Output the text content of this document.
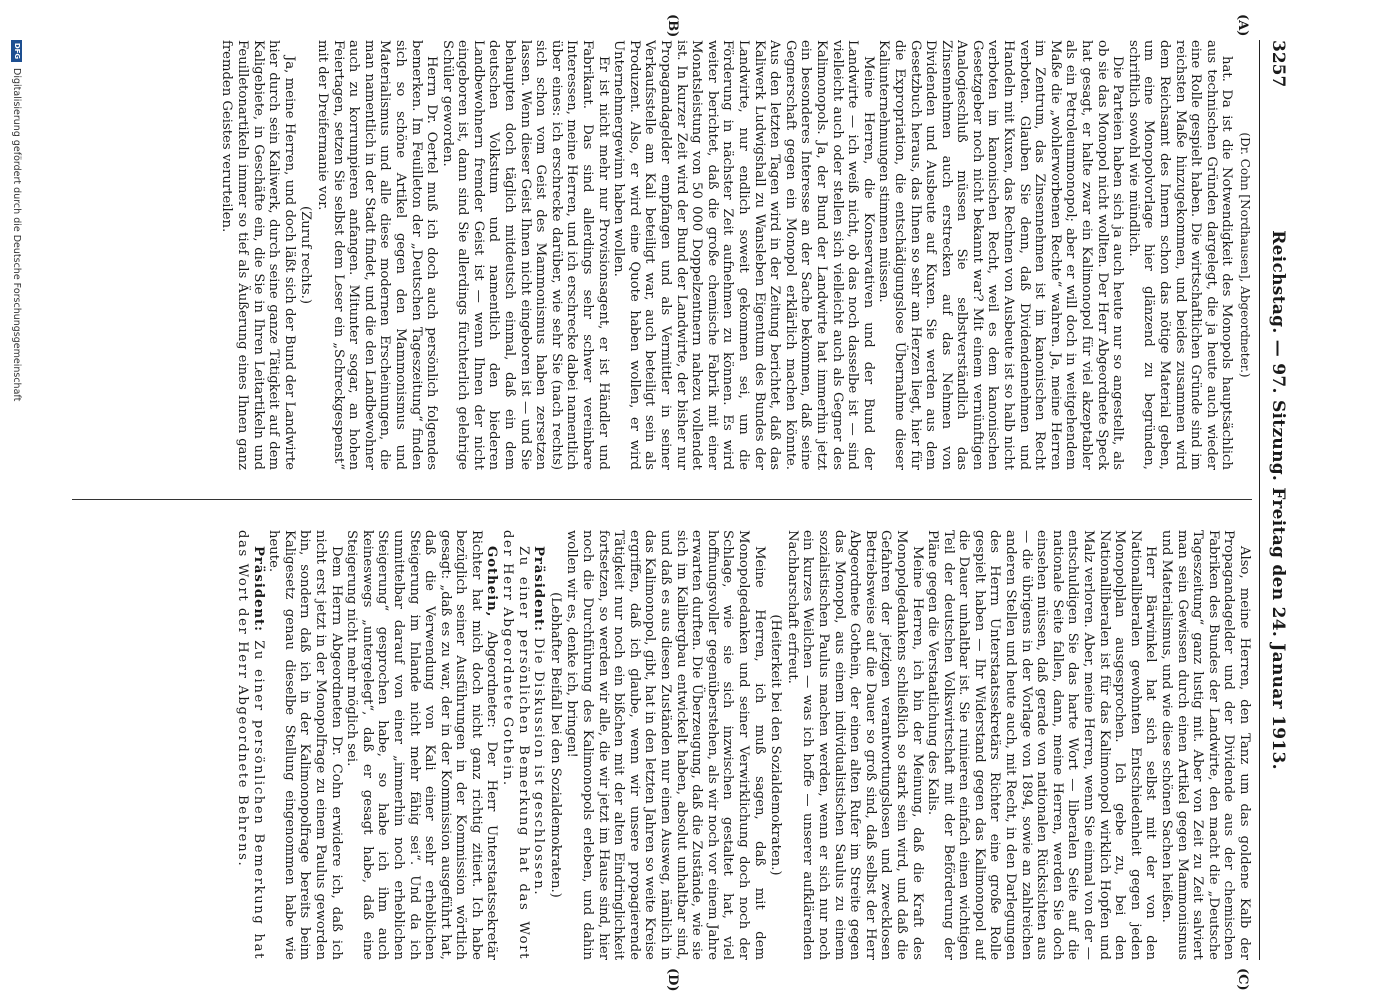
3257
Reichstag. — 97. Sitzung. Freitag den 24. Januar 1913.
(A)
(B)
(C)
(D)

(Dr. Cohn [Nordhausen], Abgeordneter.)

hat. Da ist die Notwendigkeit des Monopols hauptsächlich aus technischen Gründen dargelegt, die ja heute auch wieder eine Rolle gespielt haben. Die wirtschaftlichen Gründe sind im reichsten Maße hinzugekommen, und beides zusammen wird dem Reichsamt des Innern schon das nötige Material geben, um eine Monopolvorlage hier glänzend zu begründen, schriftlich sowohl wie mündlich.

Die Parteien haben sich ja auch heute nur so angestellt, als ob sie das Monopol nicht wollten. Der Herr Abgeordnete Speck hat gesagt, er halte zwar ein Kalimonopol für viel akzeptabler als ein Petroleummonopol; aber er will doch in weitgehendem Maße die „wohlerworbenen Rechte“ wahren. Ja, meine Herren im Zentrum, das Zinsennehmen ist im kanonischen Recht verboten. Glauben Sie denn, daß Dividendennehmen und Handeln mit Kuxen, das Rechnen von Ausbeute ist so halb nicht verboten im kanonischen Recht, weil es dem kanonischen Gesetzgeber noch nicht bekannt war? Mit einem vernünftigen Analogieschluß müssen Sie selbstverständlich das Zinsennehmen auch erstrecken auf das Nehmen von Dividenden und Ausbeute auf Kuxen. Sie werden aus dem Gesetzbuch heraus, das Ihnen so sehr am Herzen liegt, hier für die Expropriation, die entschädigungslose Übernahme dieser Kaliunternehmungen stimmen müssen.

Meine Herren, die Konservativen und der Bund der Landwirte — ich weiß nicht, ob das noch dasselbe ist — sind vielleicht auch oder stellen sich vielleicht auch als Gegner des Kalimonopols. Ja, der Bund der Landwirte hat immerhin jetzt ein besonderes Interesse an der Sache bekommen, daß seine Gegnerschaft gegen ein Monopol erklärlich machen könnte. Aus den letzten Tagen wird in der Zeitung berichtet, daß das Kaliwerk Ludwigshall zu Wansleben Eigentum des Bundes der Landwirte, nur endlich soweit gekommen sei, um die Förderung in nächster Zeit aufnehmen zu können. Es wird weiter berichtet, daß die große chemische Fabrik mit einer Monatsleistung von 50 000 Doppelzentnern nahezu vollendet ist. In kurzer Zeit wird der Bund der Landwirte, der bisher nur Propagandagelder empfangen und als Vermittler in seiner Verkaufsstelle am Kali beteiligt war, auch beteiligt sein als Produzent. Also, er wird eine Quote haben wollen, er wird Unternehmergewinn haben wollen.

Er ist nicht mehr nur Provisionsagent, er ist Händler und Fabrikant. Das sind allerdings sehr schwer vereinbare Interessen, meine Herren, und ich erschrecke dabei namentlich über eines: ich erschrecke darüber, wie sehr Sie (nach rechts) sich schon vom Geist des Mammonismus haben zersetzen lassen. Wenn dieser Geist Ihnen nicht eingeboren ist — und Sie behaupten doch täglich mitdeutsch einmal, daß ein dem deutschen Volkstum und namentlich den biederen Landbewohnern fremder Geist ist — wenn Ihnen der nicht eingeboren ist, dann sind Sie allerdings fürchterlich gelehrige Schüler geworden.

Herrn Dr. Oertel muß ich doch auch persönlich folgendes bemerken. Im Feuilleton der „Deutschen Tageszeitung“ finden sich so schöne Artikel gegen den Mammonismus und Materialismus und alle diese modernen Erscheinungen, die man namentlich in der Stadt findet, und die den Landbewohner auch zu korrumpieren anfangen. Mitunter sogar, an hohen Feiertagen, setzen Sie selbst dem Leser ein „Schreckgespenst“ mit der Dreifermanie vor.

(Zuruf rechts.)

Ja, meine Herren, und doch läßt sich der Bund der Landwirte hier durch sein Kaliwerk, durch seine ganze Tätigkeit auf dem Kaligebiete, in Geschäfte ein, die Sie in Ihren Leitartikeln und Feuilletonartikeln immer so tief als Äußerung eines Ihnen ganz fremden Geistes verurteilen.

Also, meine Herren, den Tanz um das goldene Kalb der Propagandagelder und der Dividende aus der chemischen Fabriken des Bundes der Landwirte, den macht die „Deutsche Tageszeitung“ ganz lustig mit. Aber von Zeit zu Zeit salviert man sein Gewissen durch einen Artikel gegen Mammonismus und Materialismus, und wie diese schönen Sachen heißen.

Herr Bärwinkel hat sich selbst mit der von den Nationalliberalen gewohnten Entschiedenheit gegen jeden Monopolplan ausgesprochen. Ich gebe zu, bei den Nationalliberalen ist für das Kalimonopol wirklich Hopfen und Malz verloren. Aber, meine Herren, wenn Sie einmal von der — entschuldigen Sie das harte Wort — liberalen Seite auf die nationale Seite fallen, dann, meine Herren, werden Sie doch einsehen müssen, daß gerade von nationalen Rücksichten aus — die übrigens in der Vorlage von 1894, sowie an zahlreichen anderen Stellen und heute auch, mit Recht, in den Darlegungen des Herrn Unterstaatssekretärs Richter eine große Rolle gespielt haben — Ihr Widerstand gegen das Kalimonopol auf die Dauer unhaltbar ist. Sie ruinieren einfach einen wichtigen Teil der deutschen Volkswirtschaft mit der Beförderung der Pläne gegen die Verstaatlichung des Kalis.

Meine Herren, ich bin der Meinung, daß die Kraft des Monopolgedankens schließlich so stark sein wird, und daß die Gefahren der jetzigen verantwortungslosen und zwecklosen Betriebsweise auf die Dauer so groß sind, daß selbst der Herr Abgeordnete Gothein, der einen alten Rufer im Streite gegen das Monopol, aus einem individualistischen Saulus zu einem sozialistischen Paulus machen werden, wenn er sich nur noch ein kurzes Weilchen — was ich hoffe — unserer aufklärenden Nachbarschaft erfreut.

(Heiterkeit bei den Sozialdemokraten.)

Meine Herren, ich muß sagen, daß mit dem Monopolgedanken und seiner Verwirklichung doch noch der Schlage, wie sie sich inzwischen gestaltet hat, viel hoffnungsvoller gegenüberstehen, als wir noch vor einem Jahre erwarten durften. Die Überzeugung, daß die Zustände, wie sie sich im Kalibergbau entwickelt haben, absolut unhaltbar sind, und daß es aus diesen Zuständen nur einen Ausweg, nämlich in das Kalimonopol, gibt, hat in den letzten Jahren so weite Kreise ergriffen, daß ich glaube, wenn wir unsere propagierende Tätigkeit nur noch ein bißchen mit der alten Eindringlichkeit fortsetzen, so werden wir alle, die wir jetzt im Hause sind, hier noch die Durchführung des Kalimonopols erleben, und dahin wollen wir es, denke ich, bringen!

(Lebhafter Beifall bei den Sozialdemokraten.)

Präsident: Die Diskussion ist geschlossen.

Zu einer persönlichen Bemerkung hat das Wort der Herr Abgeordnete Gothein.

Gothein, Abgeordneter: Der Herr Unterstaatssekretär Richter hat mich doch nicht ganz richtig zitiert. Ich habe bezüglich seiner Ausführungen in der Kommission wörtlich gesagt: „daß es zu war, der in der Kommission ausgeführt hat, daß die Verwendung von Kali einer sehr erheblichen Steigerung im Inlande nicht mehr fähig sei“. Und da ich unmittelbar darauf von einer „immerhin noch erheblichen Steigerung“ gesprochen habe, so habe ich ihm auch keineswegs „untergelegt“, daß er gesagt habe, daß eine Steigerung nicht mehr möglich sei.

Dem Herrn Abgeordneten Dr. Cohn erwidere ich, daß ich nicht erst jetzt in der Monopolfrage zu einem Paulus geworden bin, sondern daß ich in der Kalimonopolfrage bereits beim Kaligesetz genau dieselbe Stellung eingenommen habe wie heute.

Präsident: Zu einer persönlichen Bemerkung hat das Wort der Herr Abgeordnete Behrens.

DFGDigitalisierung gefördert durch die Deutsche Forschungsgemeinschaft
